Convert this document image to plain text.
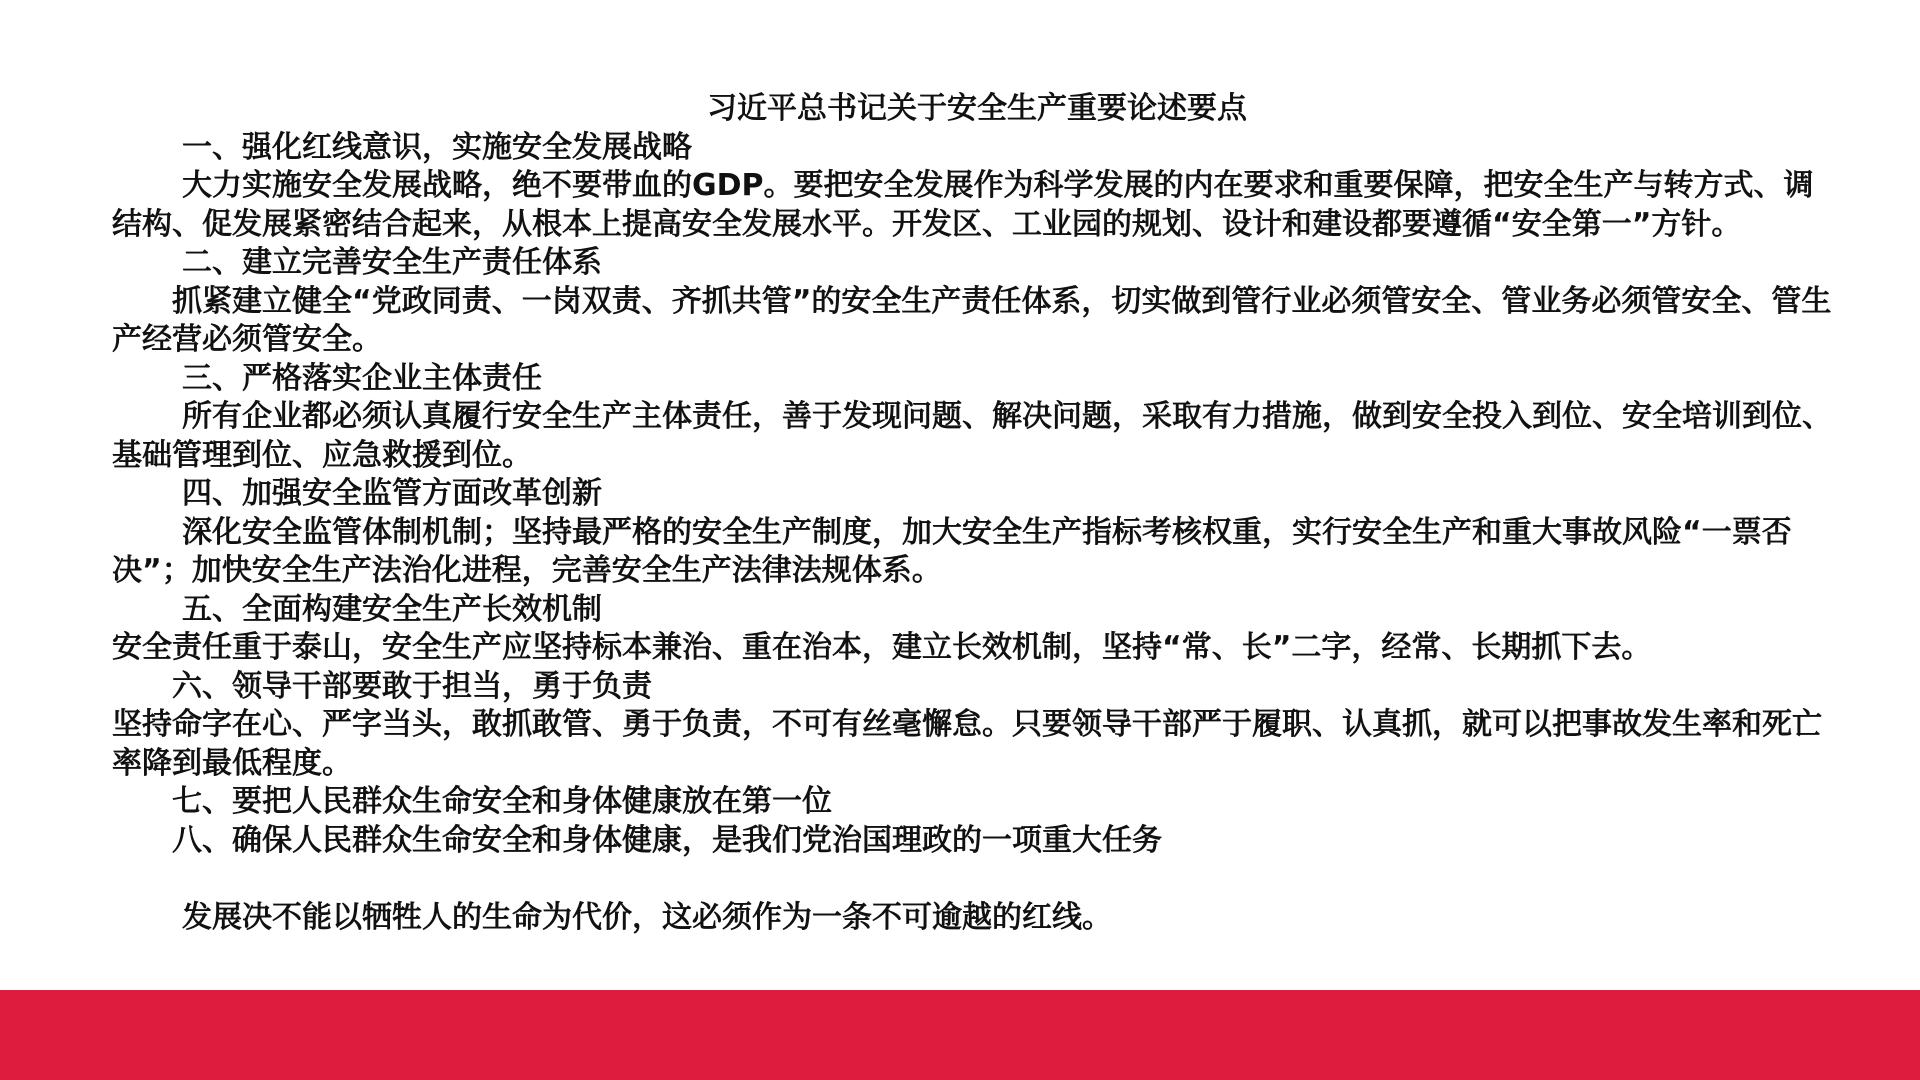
习近平总书记关于安全生产重要论述要点

一、强化红线意识，实施安全发展战略

大力实施安全发展战略，绝不要带血的GDP。要把安全发展作为科学发展的内在要求和重要保障，把安全生产与转方式、调结构、促发展紧密结合起来，从根本上提高安全发展水平。开发区、工业园的规划、设计和建设都要遵循“安全第一”方针。

二、建立完善安全生产责任体系

抓紧建立健全“党政同责、一岗双责、齐抓共管”的安全生产责任体系，切实做到管行业必须管安全、管业务必须管安全、管生产经营必须管安全。

三、严格落实企业主体责任

所有企业都必须认真履行安全生产主体责任，善于发现问题、解决问题，采取有力措施，做到安全投入到位、安全培训到位、基础管理到位、应急救援到位。

四、加强安全监管方面改革创新

深化安全监管体制机制；坚持最严格的安全生产制度，加大安全生产指标考核权重，实行安全生产和重大事故风险“一票否决”；加快安全生产法治化进程，完善安全生产法律法规体系。

五、全面构建安全生产长效机制

安全责任重于泰山，安全生产应坚持标本兼治、重在治本，建立长效机制，坚持“常、长”二字，经常、长期抓下去。

六、领导干部要敢于担当，勇于负责

坚持命字在心、严字当头，敢抓敢管、勇于负责，不可有丝毫懈怠。只要领导干部严于履职、认真抓，就可以把事故发生率和死亡率降到最低程度。

七、要把人民群众生命安全和身体健康放在第一位

八、确保人民群众生命安全和身体健康，是我们党治国理政的一项重大任务

发展决不能以牺牲人的生命为代价，这必须作为一条不可逾越的红线。
